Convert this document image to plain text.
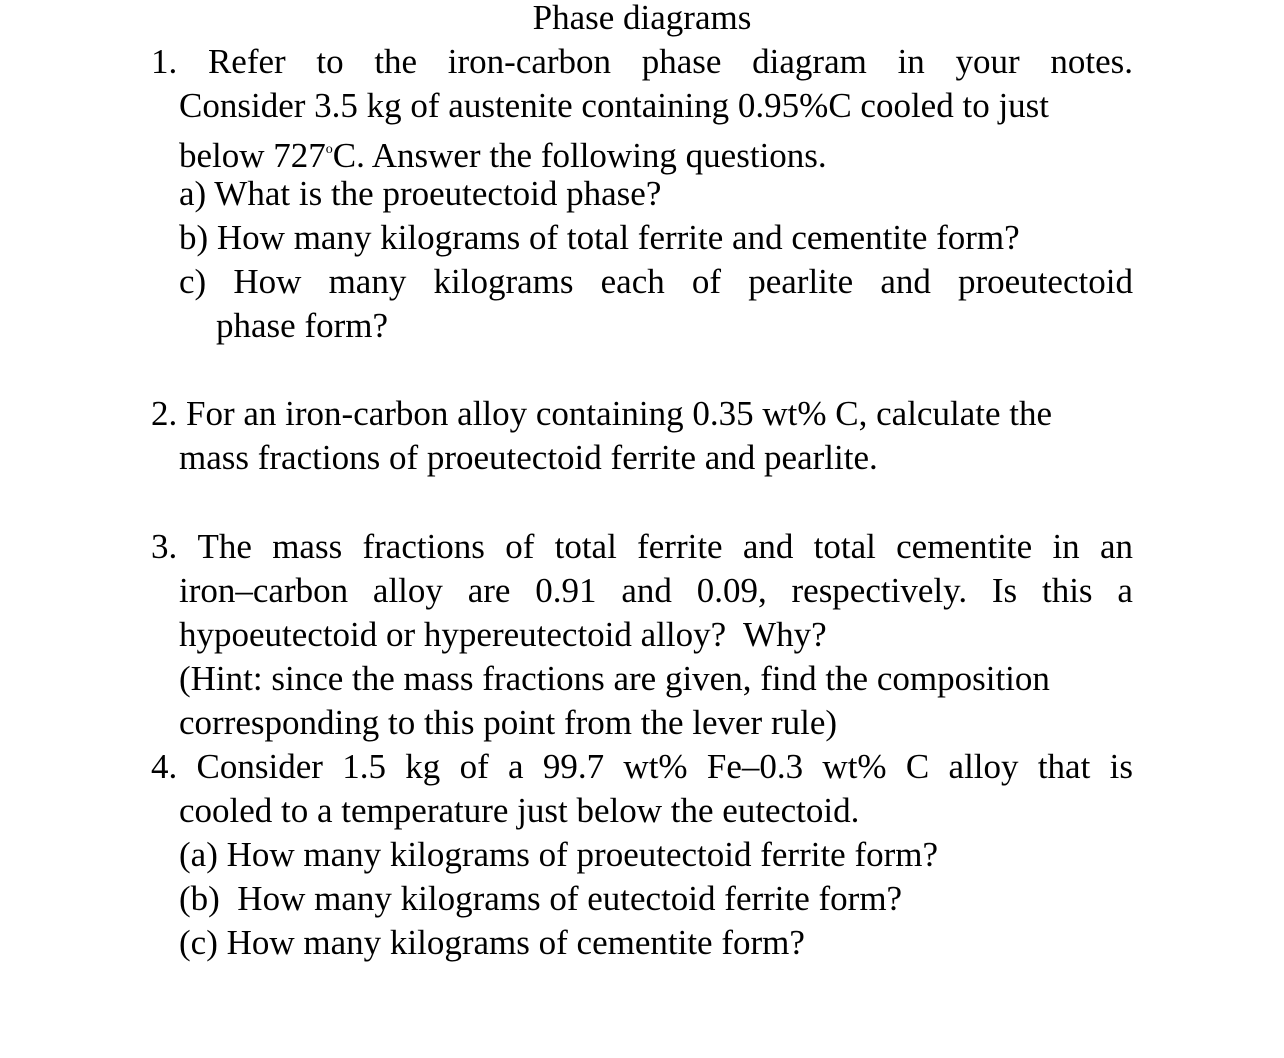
Phase diagrams
1. Refer to the iron-carbon phase diagram in your notes.
Consider 3.5 kg of austenite containing 0.95%C cooled to just
below 727$^o$C. Answer the following questions.
a) What is the proeutectoid phase?
b) How many kilograms of total ferrite and cementite form?
c) How many kilograms each of pearlite and proeutectoid
phase form?
2. For an iron-carbon alloy containing 0.35 wt% C, calculate the
mass fractions of proeutectoid ferrite and pearlite.
3. The mass fractions of total ferrite and total cementite in an
iron–carbon alloy are 0.91 and 0.09, respectively. Is this a
hypoeutectoid or hypereutectoid alloy?  Why?
(Hint: since the mass fractions are given, find the composition
corresponding to this point from the lever rule)
4. Consider 1.5 kg of a 99.7 wt% Fe–0.3 wt% C alloy that is
cooled to a temperature just below the eutectoid.
(a) How many kilograms of proeutectoid ferrite form?
(b)  How many kilograms of eutectoid ferrite form?
(c) How many kilograms of cementite form?
